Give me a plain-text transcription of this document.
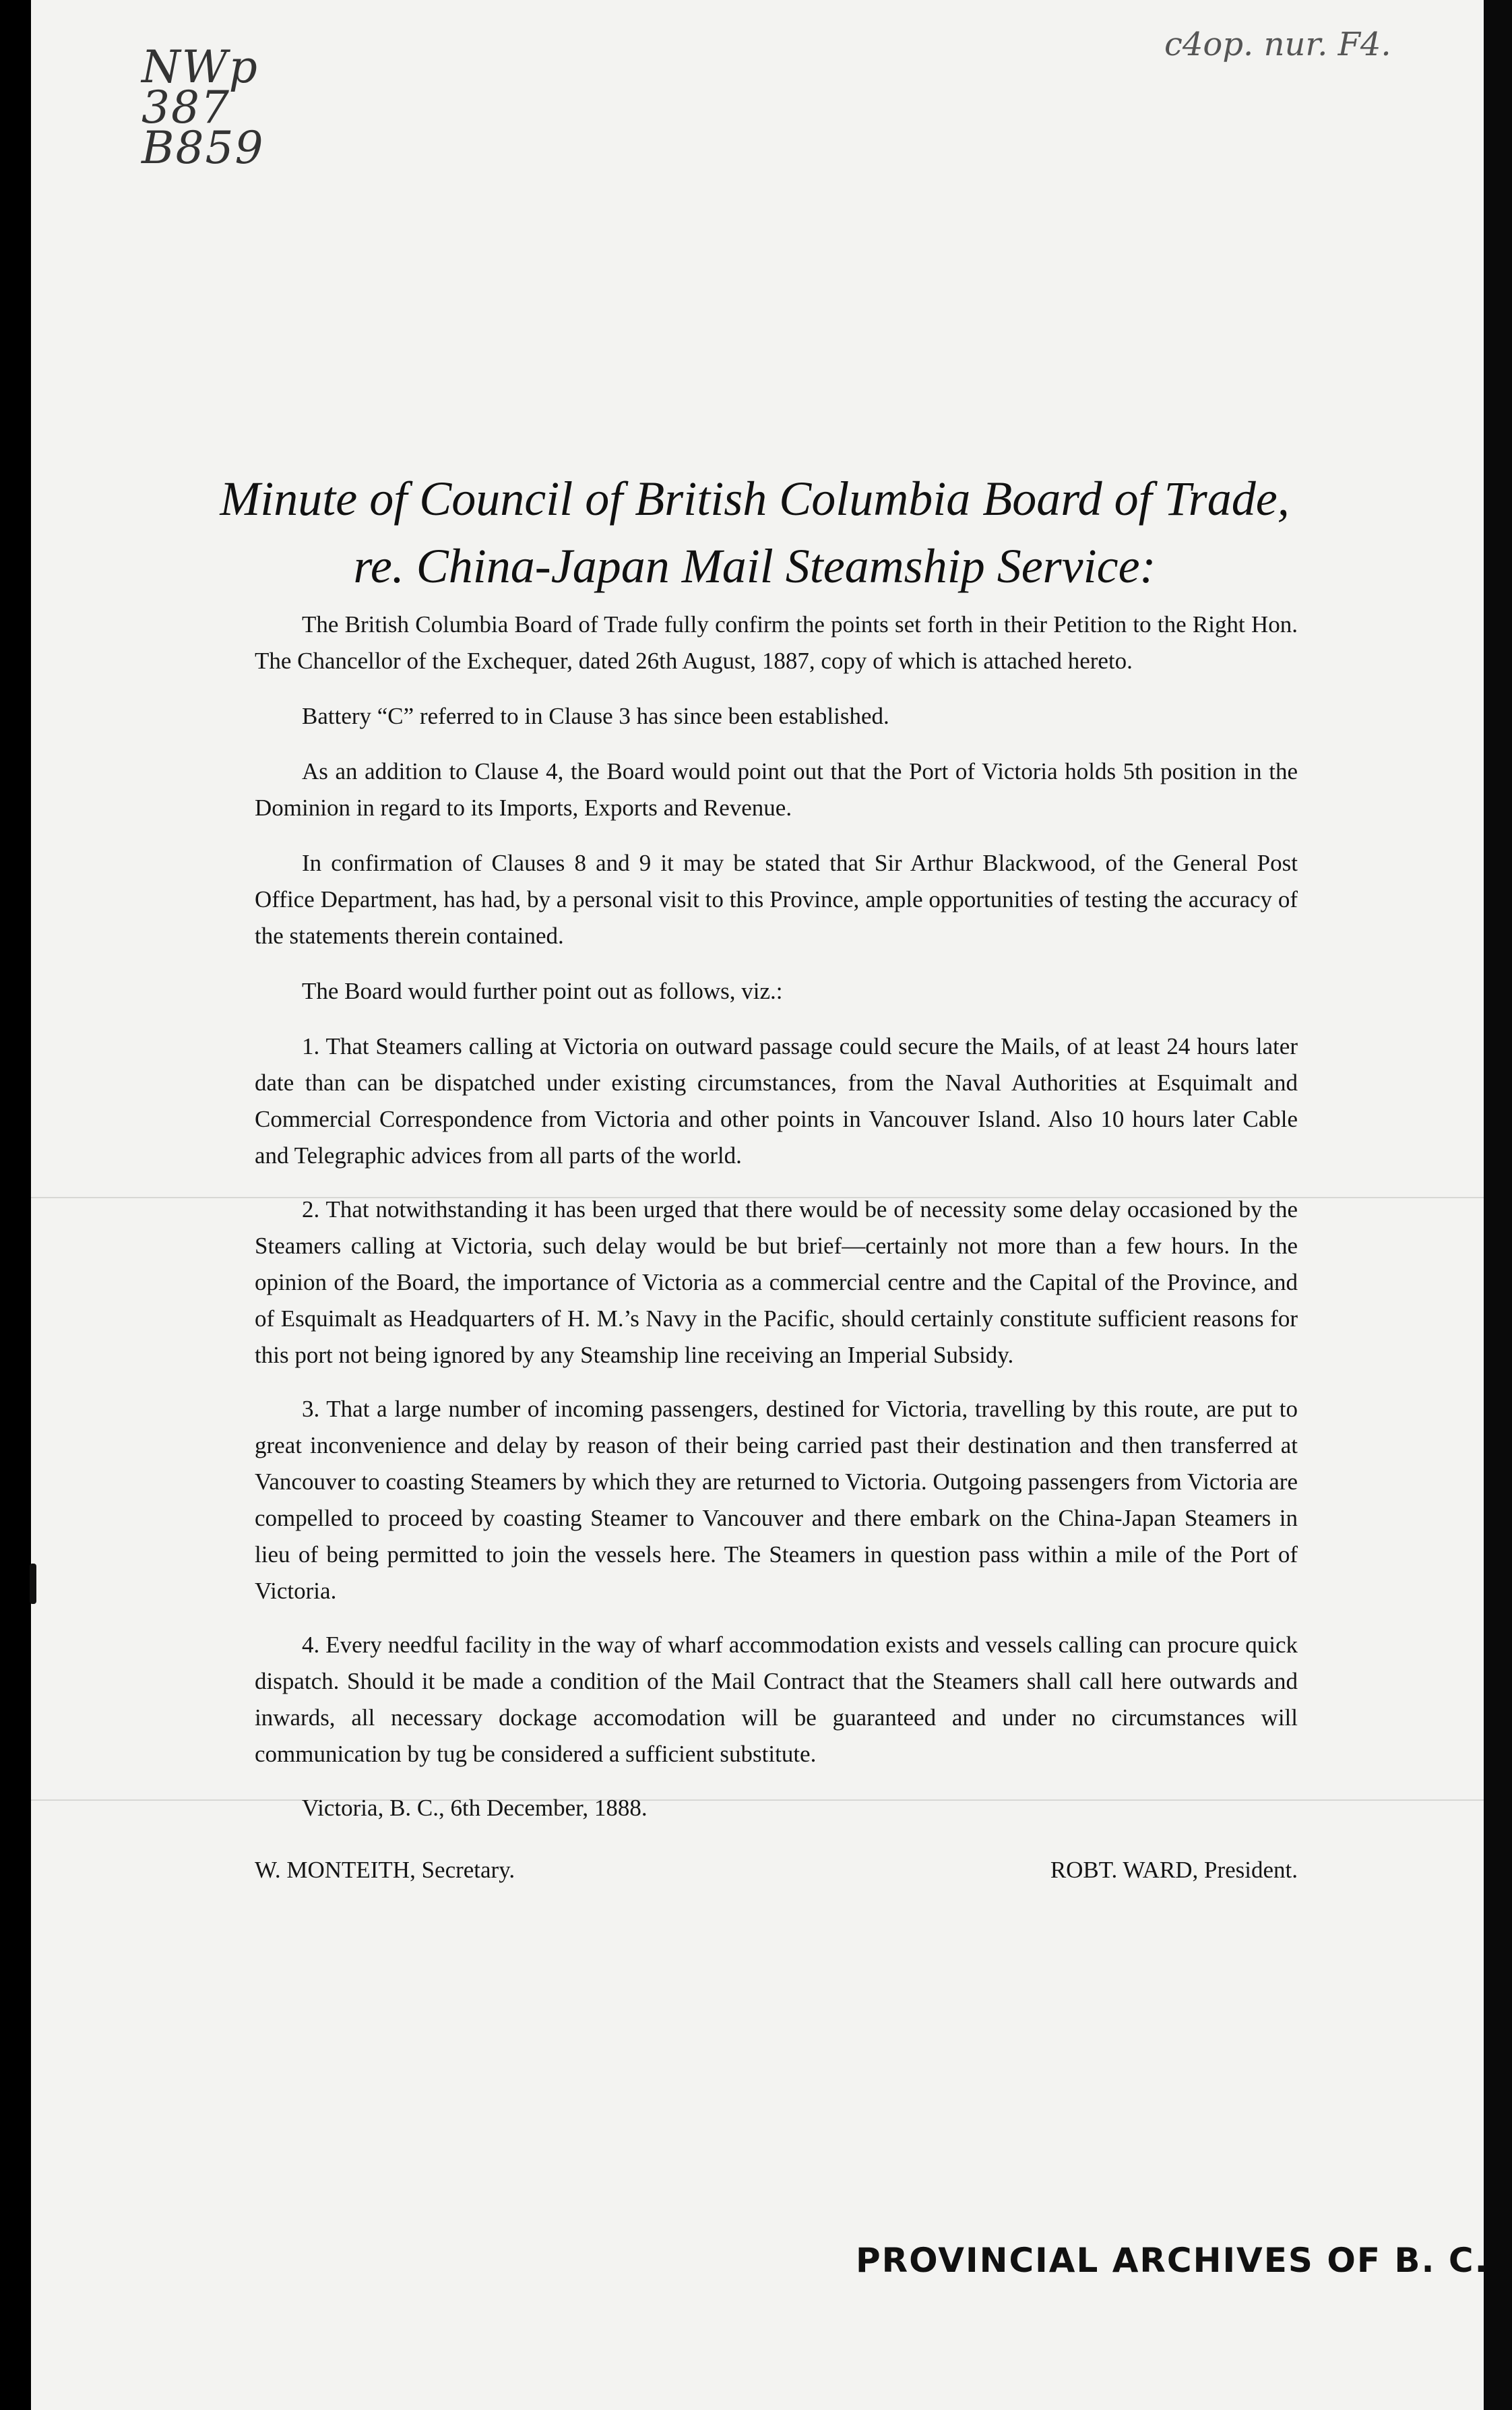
NWp
387
B859
c4op. nur. F4.
Minute of Council of British Columbia Board of Trade,
re. China-Japan Mail Steamship Service:

The British Columbia Board of Trade fully confirm the points set forth in their Petition to the Right Hon. The Chancellor of the Exchequer, dated 26th August, 1887, copy of which is attached hereto.

Battery “C” referred to in Clause 3 has since been established.

As an addition to Clause 4, the Board would point out that the Port of Victoria holds 5th position in the Dominion in regard to its Imports, Exports and Revenue.

In confirmation of Clauses 8 and 9 it may be stated that Sir Arthur Blackwood, of the General Post Office Department, has had, by a personal visit to this Province, ample opportunities of testing the accuracy of the statements therein contained.

The Board would further point out as follows, viz.:

1. That Steamers calling at Victoria on outward passage could secure the Mails, of at least 24 hours later date than can be dispatched under existing circumstances, from the Naval Authorities at Esquimalt and Commercial Correspondence from Victoria and other points in Vancouver Island. Also 10 hours later Cable and Telegraphic advices from all parts of the world.

2. That notwithstanding it has been urged that there would be of necessity some delay occasioned by the Steamers calling at Victoria, such delay would be but brief—certainly not more than a few hours. In the opinion of the Board, the importance of Victoria as a commercial centre and the Capital of the Province, and of Esquimalt as Headquarters of H. M.’s Navy in the Pacific, should certainly constitute sufficient reasons for this port not being ignored by any Steamship line receiving an Imperial Subsidy.

3. That a large number of incoming passengers, destined for Victoria, travelling by this route, are put to great inconvenience and delay by reason of their being carried past their destination and then transferred at Vancouver to coasting Steamers by which they are returned to Victoria. Outgoing passengers from Victoria are compelled to proceed by coasting Steamer to Vancouver and there embark on the China-Japan Steamers in lieu of being permitted to join the vessels here. The Steamers in question pass within a mile of the Port of Victoria.

4. Every needful facility in the way of wharf accommodation exists and vessels calling can procure quick dispatch. Should it be made a condition of the Mail Contract that the Steamers shall call here outwards and inwards, all necessary dockage accomodation will be guaranteed and under no circumstances will communication by tug be considered a sufficient substitute.

Victoria, B. C., 6th December, 1888.

W. MONTEITH, Secretary.	ROBT. WARD, President.
PROVINCIAL ARCHIVES OF B. C.
